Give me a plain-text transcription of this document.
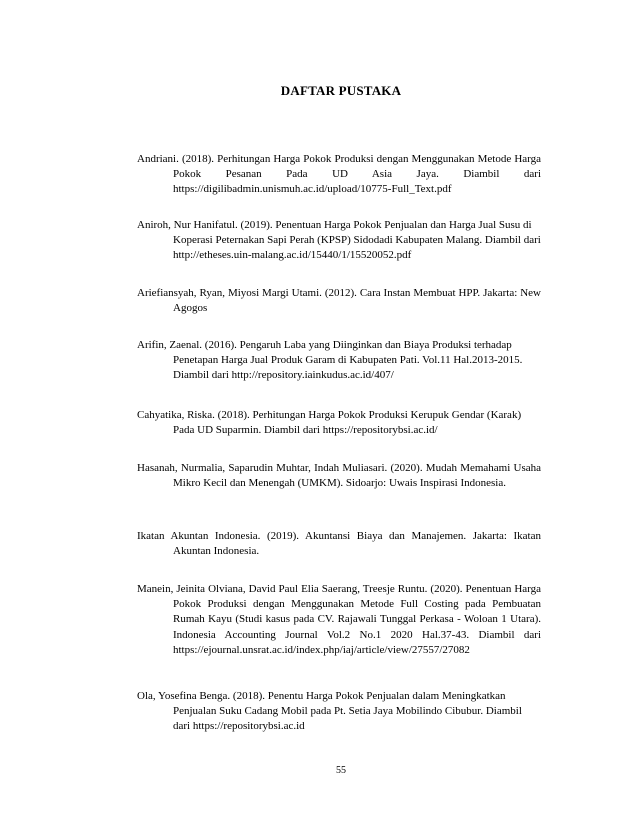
DAFTAR PUSTAKA
Andriani. (2018). Perhitungan Harga Pokok Produksi dengan Menggunakan Metode Harga Pokok Pesanan Pada UD Asia Jaya. Diambil dari https://digilibadmin.unismuh.ac.id/upload/10775-Full_Text.pdf
Aniroh, Nur Hanifatul. (2019). Penentuan Harga Pokok Penjualan dan Harga Jual Susu di Koperasi Peternakan Sapi Perah (KPSP) Sidodadi Kabupaten Malang. Diambil dari http://etheses.uin-malang.ac.id/15440/1/15520052.pdf
Ariefiansyah, Ryan, Miyosi Margi Utami. (2012). Cara Instan Membuat HPP. Jakarta: New Agogos
Arifin, Zaenal. (2016). Pengaruh Laba yang Diinginkan dan Biaya Produksi terhadap Penetapan Harga Jual Produk Garam di Kabupaten Pati. Vol.11 Hal.2013-2015. Diambil dari http://repository.iainkudus.ac.id/407/
Cahyatika, Riska. (2018). Perhitungan Harga Pokok Produksi Kerupuk Gendar (Karak) Pada UD Suparmin. Diambil dari https://repositorybsi.ac.id/
Hasanah, Nurmalia, Saparudin Muhtar, Indah Muliasari. (2020). Mudah Memahami Usaha Mikro Kecil dan Menengah (UMKM). Sidoarjo: Uwais Inspirasi Indonesia.
Ikatan Akuntan Indonesia. (2019). Akuntansi Biaya dan Manajemen. Jakarta: Ikatan Akuntan Indonesia.
Manein, Jeinita Olviana, David Paul Elia Saerang, Treesje Runtu. (2020). Penentuan Harga Pokok Produksi dengan Menggunakan Metode Full Costing pada Pembuatan Rumah Kayu (Studi kasus pada CV. Rajawali Tunggal Perkasa - Woloan 1 Utara). Indonesia Accounting Journal Vol.2 No.1 2020 Hal.37-43. Diambil dari https://ejournal.unsrat.ac.id/index.php/iaj/article/view/27557/27082
Ola, Yosefina Benga. (2018). Penentu Harga Pokok Penjualan dalam Meningkatkan Penjualan Suku Cadang Mobil pada Pt. Setia Jaya Mobilindo Cibubur. Diambil dari https://repositorybsi.ac.id
55
